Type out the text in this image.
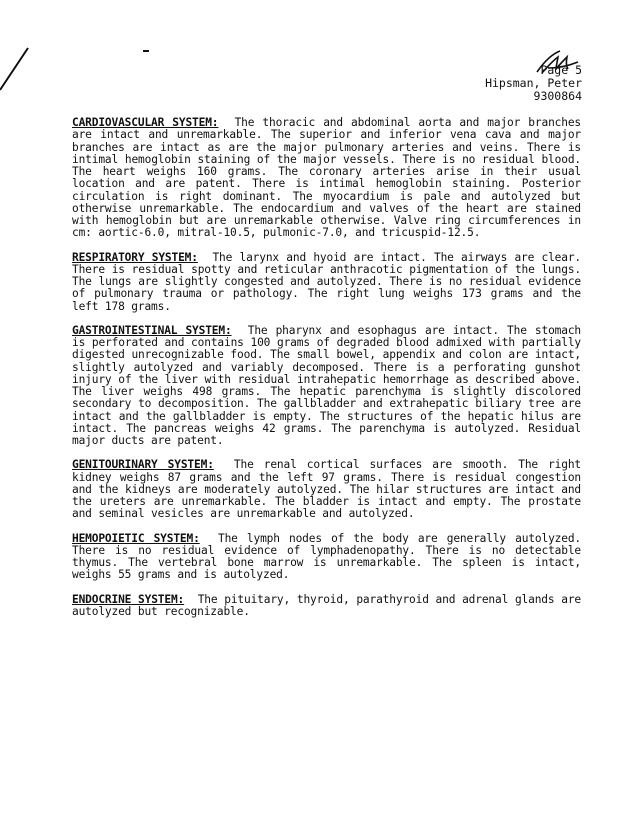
Page 5
Hipsman, Peter
9300864

CARDIOVASCULAR SYSTEM: The thoracic and abdominal aorta and major branches are intact and unremarkable. The superior and inferior vena cava and major branches are intact as are the major pulmonary arteries and veins. There is intimal hemoglobin staining of the major vessels. There is no residual blood. The heart weighs 160 grams. The coronary arteries arise in their usual location and are patent. There is intimal hemoglobin staining. Posterior circulation is right dominant. The myocardium is pale and autolyzed but otherwise unremarkable. The endocardium and valves of the heart are stained with hemoglobin but are unremarkable otherwise. Valve ring circumferences in cm: aortic-6.0, mitral-10.5, pulmonic-7.0, and tricuspid-12.5.

RESPIRATORY SYSTEM: The larynx and hyoid are intact. The airways are clear. There is residual spotty and reticular anthracotic pigmentation of the lungs. The lungs are slightly congested and autolyzed. There is no residual evidence of pulmonary trauma or pathology. The right lung weighs 173 grams and the left 178 grams.

GASTROINTESTINAL SYSTEM: The pharynx and esophagus are intact. The stomach is perforated and contains 100 grams of degraded blood admixed with partially digested unrecognizable food. The small bowel, appendix and colon are intact, slightly autolyzed and variably decomposed. There is a perforating gunshot injury of the liver with residual intrahepatic hemorrhage as described above. The liver weighs 498 grams. The hepatic parenchyma is slightly discolored secondary to decomposition. The gallbladder and extrahepatic biliary tree are intact and the gallbladder is empty. The structures of the hepatic hilus are intact. The pancreas weighs 42 grams. The parenchyma is autolyzed. Residual major ducts are patent.

GENITOURINARY SYSTEM: The renal cortical surfaces are smooth. The right kidney weighs 87 grams and the left 97 grams. There is residual congestion and the kidneys are moderately autolyzed. The hilar structures are intact and the ureters are unremarkable. The bladder is intact and empty. The prostate and seminal vesicles are unremarkable and autolyzed.

HEMOPOIETIC SYSTEM: The lymph nodes of the body are generally autolyzed. There is no residual evidence of lymphadenopathy. There is no detectable thymus. The vertebral bone marrow is unremarkable. The spleen is intact, weighs 55 grams and is autolyzed.

ENDOCRINE SYSTEM: The pituitary, thyroid, parathyroid and adrenal glands are autolyzed but recognizable.
